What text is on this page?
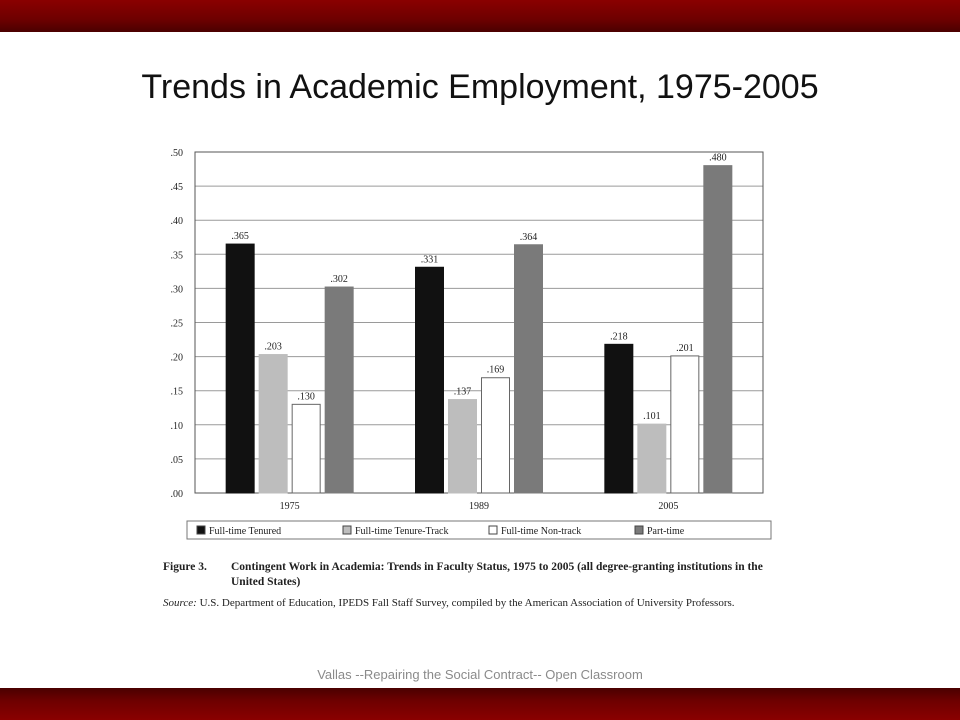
Trends in Academic Employment, 1975-2005
.00
.05
.10
.15
.20
.25
.30
.35
.40
.45
.50
.365
.203
.130
.302
1975
.331
.137
.169
.364
1989
.218
.101
.201
.480
2005
Full-time Tenured	Full-time Tenure-Track	Full-time Non-track	Part-time
Figure 3.	Contingent Work in Academia: Trends in Faculty Status, 1975 to 2005 (all degree-granting institutions in the United States)
Source: U.S. Department of Education, IPEDS Fall Staff Survey, compiled by the American Association of University Professors.
Vallas --Repairing the Social Contract-- Open Classroom
